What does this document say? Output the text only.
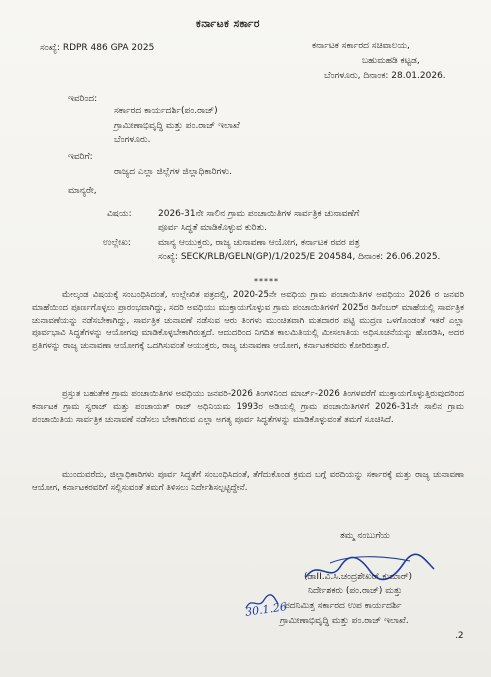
ಕರ್ನಾಟಕ ಸರ್ಕಾರ
ಸಂಖ್ಯೆ: RDPR 486 GPA 2025	ಕರ್ನಾಟಕ ಸರ್ಕಾರದ ಸಚಿವಾಲಯ,
ಬಹುಮಹಡಿ ಕಟ್ಟಡ,
ಬೆಂಗಳೂರು, ದಿನಾಂಕ: 28.01.2026.
ಇವರಿಂದ:
ಸರ್ಕಾರದ ಕಾರ್ಯದರ್ಶಿ(ಪಂ.ರಾಜ್)
ಗ್ರಾಮೀಣಾಭಿವೃದ್ಧಿ ಮತ್ತು ಪಂ.ರಾಜ್ ಇಲಾಖೆ
ಬೆಂಗಳೂರು.
ಇವರಿಗೆ:
ರಾಜ್ಯದ ಎಲ್ಲಾ ಜಿಲ್ಲೆಗಳ ಜಿಲ್ಲಾಧಿಕಾರಿಗಳು.
ಮಾನ್ಯರೇ,
ವಿಷಯ:	2026-31ನೇ ಸಾಲಿನ ಗ್ರಾಮ ಪಂಚಾಯಿತಿಗಳ ಸಾರ್ವತ್ರಿಕ ಚುನಾವಣೆಗೆ
ಪೂರ್ವ ಸಿದ್ಧತೆ ಮಾಡಿಕೊಳ್ಳುವ ಕುರಿತು.
ಉಲ್ಲೇಖ:	ಮಾನ್ಯ ಆಯುಕ್ತರು, ರಾಜ್ಯ ಚುನಾವಣಾ ಆಯೋಗ, ಕರ್ನಾಟಕ ರವರ ಪತ್ರ
ಸಂಖ್ಯೆ: SECK/RLB/GELN(GP)/1/2025/E 204584, ದಿನಾಂಕ: 26.06.2025.
*****
ಮೇಲ್ಕಂಡ ವಿಷಯಕ್ಕೆ ಸಂಬಂಧಿಸಿದಂತೆ, ಉಲ್ಲೇಖಿತ ಪತ್ರದಲ್ಲಿ, 2020-25ನೇ ಅವಧಿಯ ಗ್ರಾಮ ಪಂಚಾಯಿತಿಗಳ ಅವಧಿಯು 2026 ರ ಜನವರಿ ಮಾಹೆಯಿಂದ ಪೂರ್ಣಗೊಳ್ಳಲು ಪ್ರಾರಂಭವಾಗಿದ್ದು, ಸದರಿ ಅವಧಿಯು ಮುಕ್ತಾಯಗೊಳ್ಳುವ ಗ್ರಾಮ ಪಂಚಾಯಿತಿಗಳಿಗೆ 2025ರ ಡಿಸೆಂಬರ್ ಮಾಹೆಯಲ್ಲಿ ಸಾರ್ವತ್ರಿಕ ಚುನಾವಣೆಯನ್ನು ನಡೆಸಬೇಕಾಗಿದ್ದು, ಸಾರ್ವತ್ರಿಕ ಚುನಾವಣೆ ನಡೆಸುವ ಆರು ತಿಂಗಳು ಮುಂಚಿತವಾಗಿ ಮತದಾರರ ಪಟ್ಟಿ ಮುದ್ರಣ ಒಳಗೊಂಡಂತೆ ಇತರೆ ಎಲ್ಲಾ ಪೂರ್ವಭಾವಿ ಸಿದ್ಧತೆಗಳನ್ನು ಆಯೋಗವು ಮಾಡಿಕೊಳ್ಳಬೇಕಾಗಿರುತ್ತದೆ. ಆದುದರಿಂದ ನಿಗದಿತ ಕಾಲಮಿತಿಯಲ್ಲಿ ಮೀಸಲಾತಿಯ ಅಧಿಸೂಚನೆಯನ್ನು ಹೊರಡಿಸಿ, ಅದರ ಪ್ರತಿಗಳನ್ನು ರಾಜ್ಯ ಚುನಾವಣಾ ಆಯೋಗಕ್ಕೆ ಒದಗಿಸುವಂತೆ ಆಯುಕ್ತರು, ರಾಜ್ಯ ಚುನಾವಣಾ ಆಯೋಗ, ಕರ್ನಾಟಕರವರು ಕೋರಿರುತ್ತಾರೆ.
ಪ್ರಸ್ತುತ ಬಹುತೇಕ ಗ್ರಾಮ ಪಂಚಾಯಿತಿಗಳ ಅವಧಿಯು ಜನವರಿ-2026 ತಿಂಗಳಿನಿಂದ ಮಾರ್ಚ್-2026 ತಿಂಗಳವರೆಗೆ ಮುಕ್ತಾಯಗೊಳ್ಳುತ್ತಿರುವುದರಿಂದ ಕರ್ನಾಟಕ ಗ್ರಾಮ ಸ್ವರಾಜ್ ಮತ್ತು ಪಂಚಾಯತ್ ರಾಜ್ ಅಧಿನಿಯಮ 1993ರ ಅಡಿಯಲ್ಲಿ ಗ್ರಾಮ ಪಂಚಾಯಿತಿಗಳಿಗೆ 2026-31ನೇ ಸಾಲಿನ ಗ್ರಾಮ ಪಂಚಾಯಿತಿಯ ಸಾರ್ವತ್ರಿಕ ಚುನಾವಣೆ ನಡೆಸಲು ಬೇಕಾಗಿರುವ ಎಲ್ಲಾ ಅಗತ್ಯ ಪೂರ್ವ ಸಿದ್ಧತೆಗಳನ್ನು ಮಾಡಿಕೊಳ್ಳುವಂತೆ ತಮಗೆ ಸೂಚಿಸಿದೆ.
ಮುಂದುವರೆದು, ಜಿಲ್ಲಾಧಿಕಾರಿಗಳು ಪೂರ್ವ ಸಿದ್ಧತೆಗೆ ಸಂಬಂಧಿಸಿದಂತೆ, ತೆಗೆದುಕೊಂಡ ಕ್ರಮದ ಬಗ್ಗೆ ವರದಿಯನ್ನು ಸರ್ಕಾರಕ್ಕೆ ಮತ್ತು ರಾಜ್ಯ ಚುನಾವಣಾ ಆಯೋಗ, ಕರ್ನಾಟಕರವರಿಗೆ ಸಲ್ಲಿಸುವಂತೆ ತಮಗೆ ತಿಳಿಸಲು ನಿರ್ದೇಶಿಸಲ್ಪಟ್ಟಿದ್ದೇನೆ.
ತಮ್ಮ ನಂಬುಗೆಯ
(ಡಾII.ವಿ.ಸಿ.ಚಂದ್ರಶೇಖರ್ ಕುಮಾರ್)
ನಿರ್ದೇಶಕರು (ಪಂ.ರಾಜ್) ಮತ್ತು
ಪದನಿಮಿತ್ತ ಸರ್ಕಾರದ ಉಪ ಕಾರ್ಯದರ್ಶಿ
ಗ್ರಾಮೀಣಾಭಿವೃದ್ಧಿ ಮತ್ತು ಪಂ.ರಾಜ್ ಇಲಾಖೆ.
30.1.26
.2
